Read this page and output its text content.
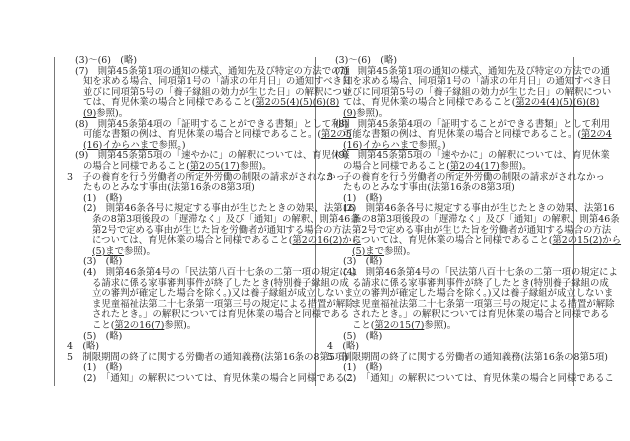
(3)～(6)　(略)
(7)　則第45条第1項の通知の様式、通知先及び特定の方法での通
知を求める場合、同項第1号の「請求の年月日」の通知すべき日
並びに同項第5号の「養子縁組の効力が生じた日」の解釈につい
ては、育児休業の場合と同様であること(第2の5(4)(5)(6)(8)
(9)参照)。
(8)　則第45条第4項の「証明することができる書類」として利用
可能な書類の例は、育児休業の場合と同様であること。(第2の5
(16)イからハまで参照。)
(9)　則第45条第5項の「速やかに」の解釈については、育児休業
の場合と同様であること(第2の5(17)参照)。
3　子の養育を行う労働者の所定外労働の制限の請求がされなかっ
たものとみなす事由(法第16条の8第3項)
(1)　(略)
(2)　則第46条各号に規定する事由が生じたときの効果、法第16
条の8第3項後段の「遅滞なく」及び「通知」の解釈、則第46条
第2号で定める事由が生じた旨を労働者が通知する場合の方法
については、育児休業の場合と同様であること(第2の16(2)から
(5)まで参照)。
(3)　(略)
(4)　則第46条第4号の「民法第八百十七条の二第一項の規定によ
る請求に係る家事審判事件が終了したとき(特別養子縁組の成
立の審判が確定した場合を除く。)又は養子縁組が成立しないま
ま児童福祉法第二十七条第一項第三号の規定による措置が解除
されたとき。」の解釈については育児休業の場合と同様である
こと(第2の16(7)参照)。
(5)　(略)
4　(略)
5　制限期間の終了に関する労働者の通知義務(法第16条の8第5項)
(1)　(略)
(2)　「通知」の解釈については、育児休業の場合と同様であるこ
(3)～(6)　(略)
(7)　則第45条第1項の通知の様式、通知先及び特定の方法での通
知を求める場合、同項第1号の「請求の年月日」の通知すべき日
並びに同項第5号の「養子縁組の効力が生じた日」の解釈につい
ては、育児休業の場合と同様であること(第2の4(4)(5)(6)(8)
(9)参照)。
(8)　則第45条第4項の「証明することができる書類」として利用
可能な書類の例は、育児休業の場合と同様であること。(第2の4
(16)イからハまで参照。)
(9)　則第45条第5項の「速やかに」の解釈については、育児休業
の場合と同様であること(第2の4(17)参照)。
3　子の養育を行う労働者の所定外労働の制限の請求がされなかっ
たものとみなす事由(法第16条の8第3項)
(1)　(略)
(2)　則第46条各号に規定する事由が生じたときの効果、法第16
条の8第3項後段の「遅滞なく」及び「通知」の解釈、則第46条
第2号で定める事由が生じた旨を労働者が通知する場合の方法
については、育児休業の場合と同様であること(第2の15(2)から
(5)まで参照)。
(3)　(略)
(4)　則第46条第4号の「民法第八百十七条の二第一項の規定によ
る請求に係る家事審判事件が終了したとき(特別養子縁組の成
立の審判が確定した場合を除く。)又は養子縁組が成立しないま
ま児童福祉法第二十七条第一項第三号の規定による措置が解除
されたとき。」の解釈については育児休業の場合と同様である
こと(第2の15(7)参照)。
(5)　(略)
4　(略)
5　制限期間の終了に関する労働者の通知義務(法第16条の8第5項)
(1)　(略)
(2)　「通知」の解釈については、育児休業の場合と同様であるこ
